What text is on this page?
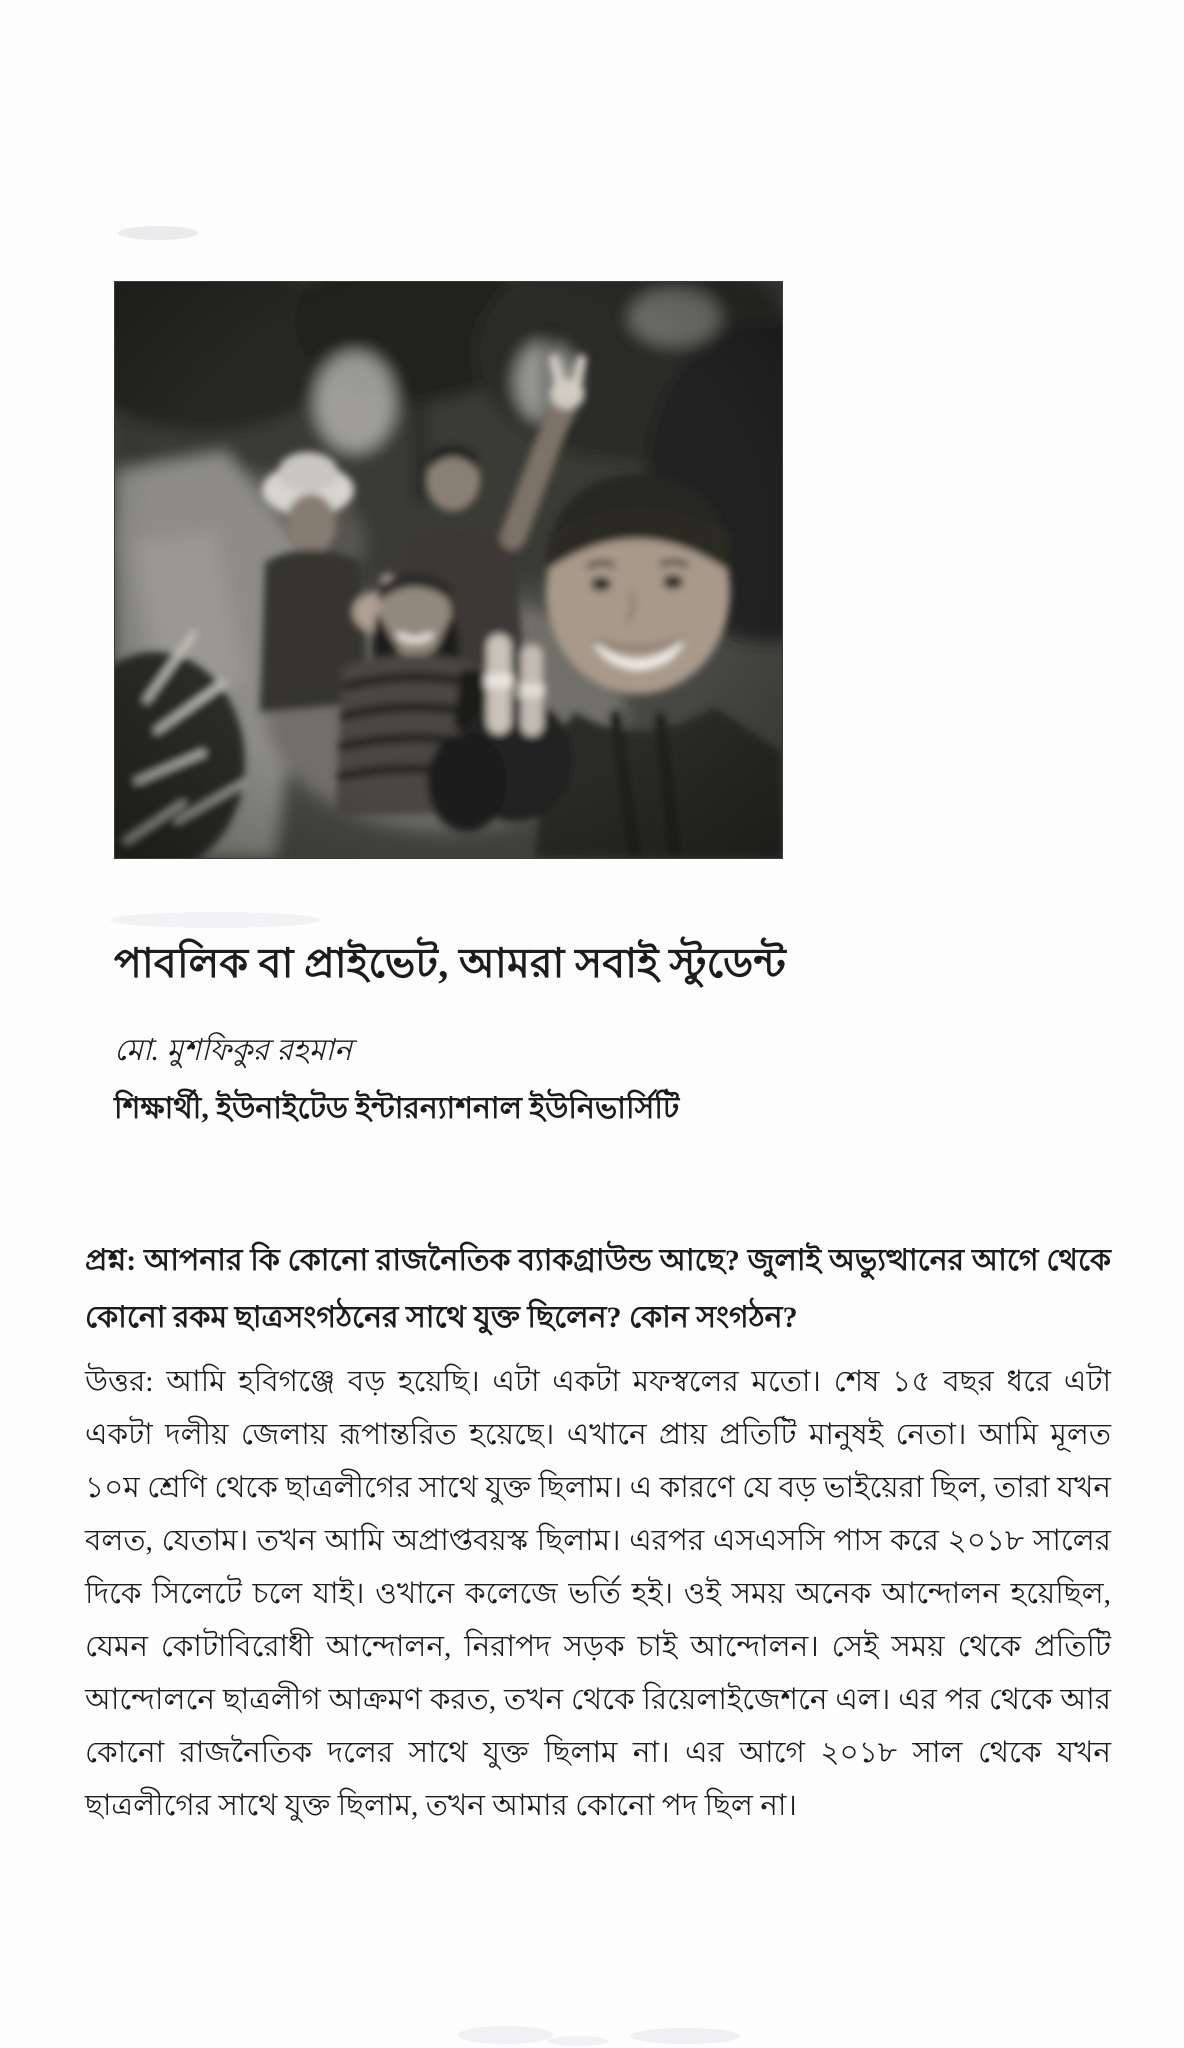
পাবলিক বা প্রাইভেট, আমরা সবাই স্টুডেন্ট
মো. মুশফিকুর রহমান
শিক্ষার্থী, ইউনাইটেড ইন্টারন্যাশনাল ইউনিভার্সিটি

প্রশ্ন: আপনার কি কোনো রাজনৈতিক ব্যাকগ্রাউন্ড আছে? জুলাই অভ্যুত্থানের আগে থেকে কোনো রকম ছাত্রসংগঠনের সাথে যুক্ত ছিলেন? কোন সংগঠন?

উত্তর: আমি হবিগঞ্জে বড় হয়েছি। এটা একটা মফস্বলের মতো। শেষ ১৫ বছর ধরে এটা একটা দলীয় জেলায় রূপান্তরিত হয়েছে। এখানে প্রায় প্রতিটি মানুষই নেতা। আমি মূলত ১০ম শ্রেণি থেকে ছাত্রলীগের সাথে যুক্ত ছিলাম। এ কারণে যে বড় ভাইয়েরা ছিল, তারা যখন বলত, যেতাম। তখন আমি অপ্রাপ্তবয়স্ক ছিলাম। এরপর এসএসসি পাস করে ২০১৮ সালের দিকে সিলেটে চলে যাই। ওখানে কলেজে ভর্তি হই। ওই সময় অনেক আন্দোলন হয়েছিল, যেমন কোটাবিরোধী আন্দোলন, নিরাপদ সড়ক চাই আন্দোলন। সেই সময় থেকে প্রতিটি আন্দোলনে ছাত্রলীগ আক্রমণ করত, তখন থেকে রিয়েলাইজেশনে এল। এর পর থেকে আর কোনো রাজনৈতিক দলের সাথে যুক্ত ছিলাম না। এর আগে ২০১৮ সাল থেকে যখন ছাত্রলীগের সাথে যুক্ত ছিলাম, তখন আমার কোনো পদ ছিল না।
